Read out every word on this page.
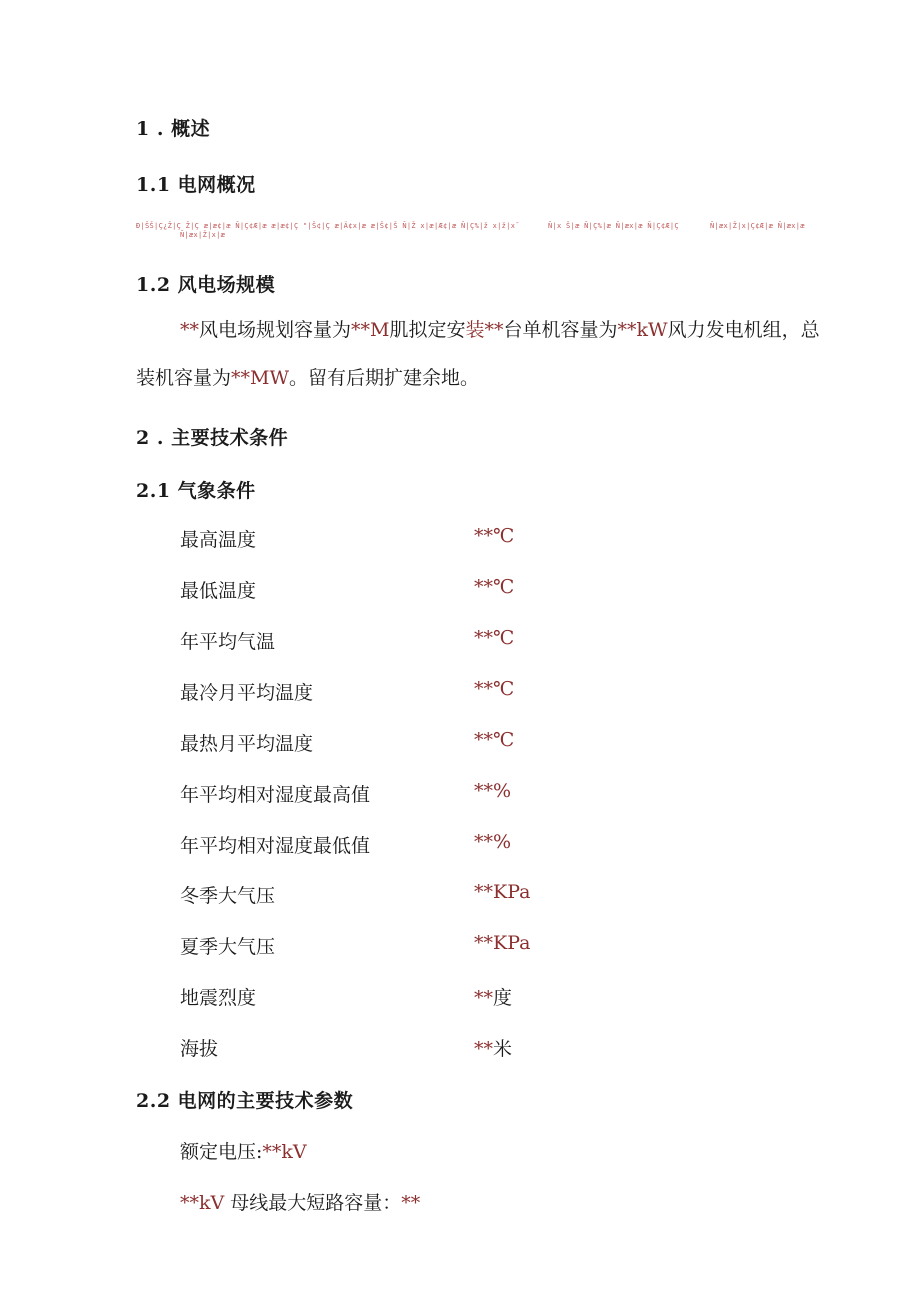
1 . 概述
1.1 电网概况
Ð|ŠŠ|Ç¿Ž|Ç Ž|Ç æ|æ¢|æ Ñ|Ç¢Æ|æ æ|æ¢|Ç "|Š¢|Ç æ|Ä¢x|æ æ|Š¢|Š Ñ|Ž x|æ|Æ¢|æ Ñ|Ç%|ž x|ž|x¯	Ñ|x Š|æ Ñ|Ç%|æ Ñ|æx|æ Ñ|Ç¢Æ|Ç	Ñ|æx|Ž|x|Ç¢Æ|æ Ñ|æx|æ
Ñ|æx|Ž|x|æ
1.2 风电场规模

**风电场规划容量为**M肌拟定安装**台单机容量为**kW风力发电机组，总
装机容量为**MW。留有后期扩建余地。

2 . 主要技术条件
2.1 气象条件
最高温度	**℃
最低温度	**℃
年平均气温	**℃
最冷月平均温度	**℃
最热月平均温度	**℃
年平均相对湿度最高值	**%
年平均相对湿度最低值	**%
冬季大气压	**KPa
夏季大气压	**KPa
地震烈度	**度
海拔	**米
2.2 电网的主要技术参数
额定电压:**kV
**kV 母线最大短路容量：**
